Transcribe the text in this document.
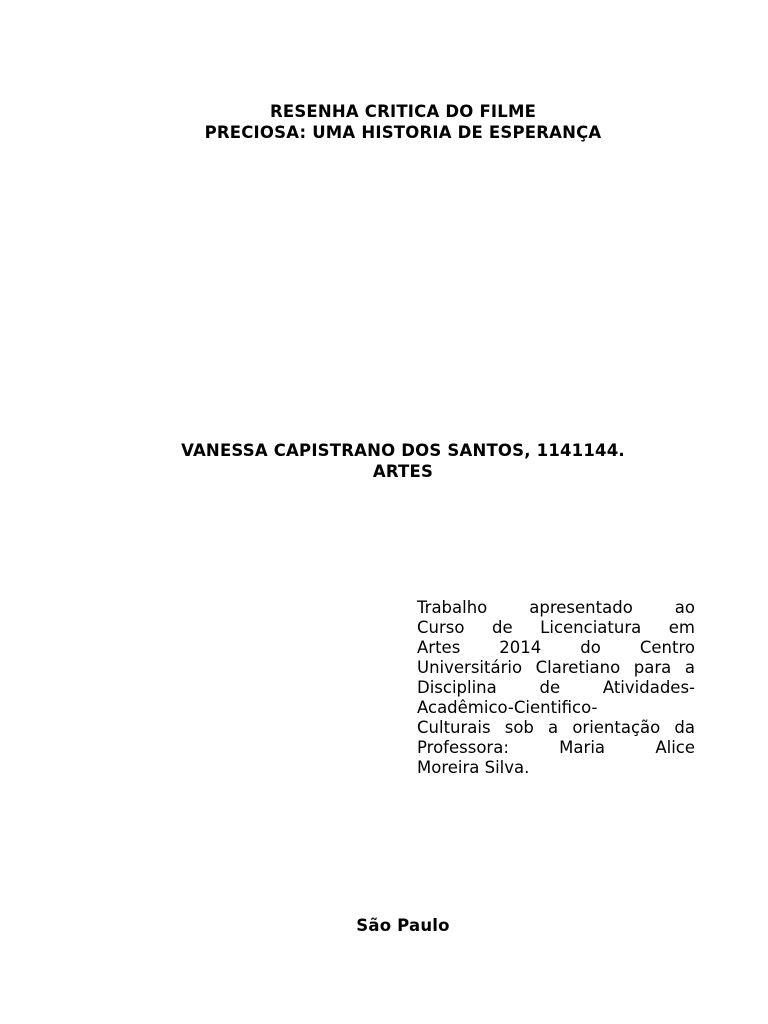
RESENHA CRITICA DO FILME
PRECIOSA: UMA HISTORIA DE ESPERANÇA
VANESSA CAPISTRANO DOS SANTOS, 1141144.
ARTES
Trabalho apresentado ao
Curso de Licenciatura em
Artes 2014 do Centro
Universitário Claretiano para a
Disciplina de Atividades-
Acadêmico-Cientifico-
Culturais sob a orientação da
Professora: Maria Alice
Moreira Silva.
São Paulo
